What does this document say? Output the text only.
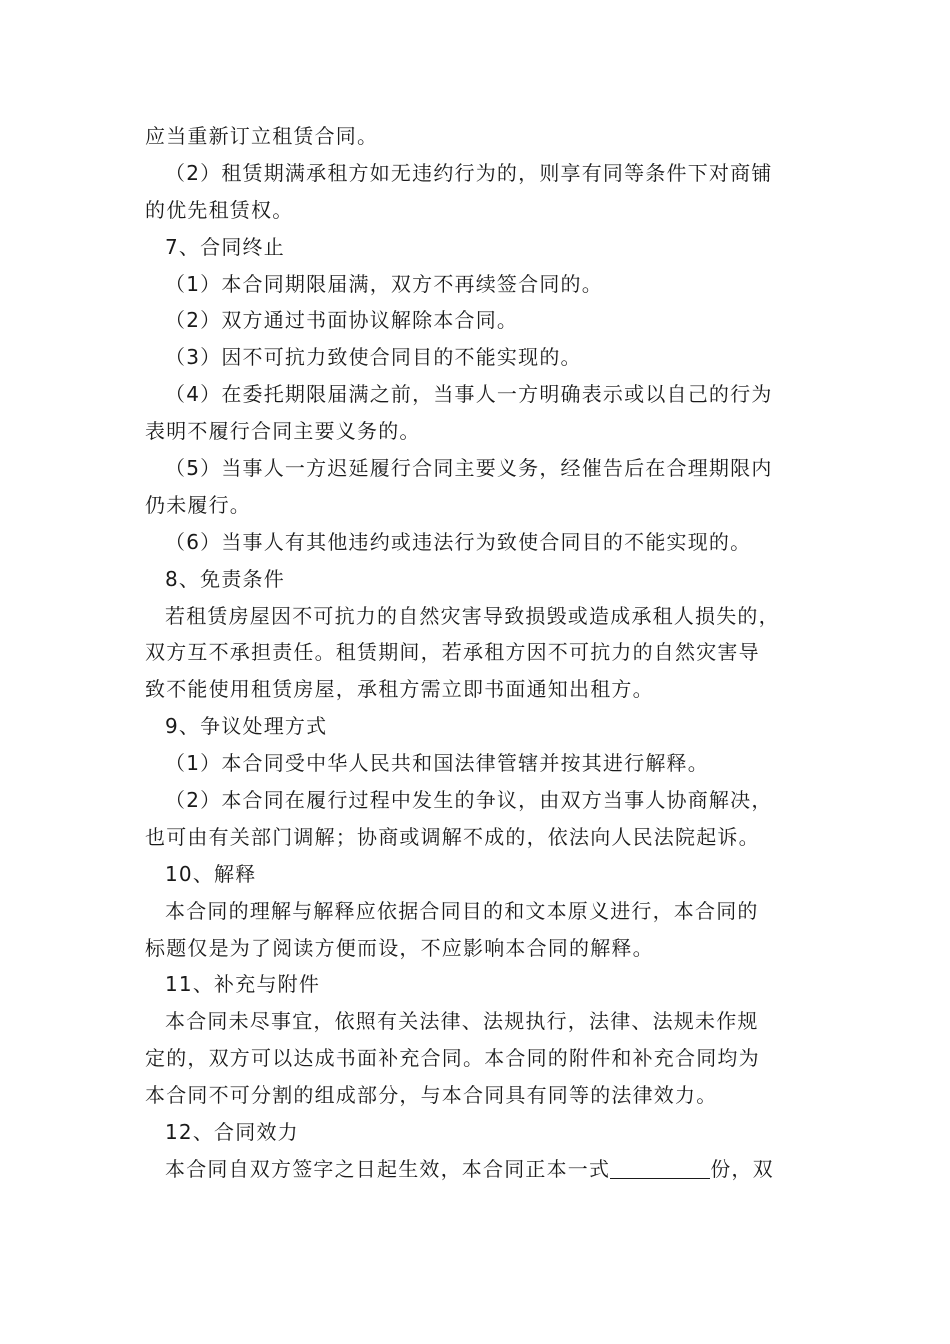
应当重新订立租赁合同。
（2）租赁期满承租方如无违约行为的，则享有同等条件下对商铺
的优先租赁权。
7、合同终止
（1）本合同期限届满，双方不再续签合同的。
（2）双方通过书面协议解除本合同。
（3）因不可抗力致使合同目的不能实现的。
（4）在委托期限届满之前，当事人一方明确表示或以自己的行为
表明不履行合同主要义务的。
（5）当事人一方迟延履行合同主要义务，经催告后在合理期限内
仍未履行。
（6）当事人有其他违约或违法行为致使合同目的不能实现的。
8、免责条件
若租赁房屋因不可抗力的自然灾害导致损毁或造成承租人损失的，
双方互不承担责任。租赁期间，若承租方因不可抗力的自然灾害导
致不能使用租赁房屋，承租方需立即书面通知出租方。
9、争议处理方式
（1）本合同受中华人民共和国法律管辖并按其进行解释。
（2）本合同在履行过程中发生的争议，由双方当事人协商解决，
也可由有关部门调解；协商或调解不成的，依法向人民法院起诉。
10、解释
本合同的理解与解释应依据合同目的和文本原义进行，本合同的
标题仅是为了阅读方便而设，不应影响本合同的解释。
11、补充与附件
本合同未尽事宜，依照有关法律、法规执行，法律、法规未作规
定的，双方可以达成书面补充合同。本合同的附件和补充合同均为
本合同不可分割的组成部分，与本合同具有同等的法律效力。
12、合同效力
本合同自双方签字之日起生效，本合同正本一式	份，双
